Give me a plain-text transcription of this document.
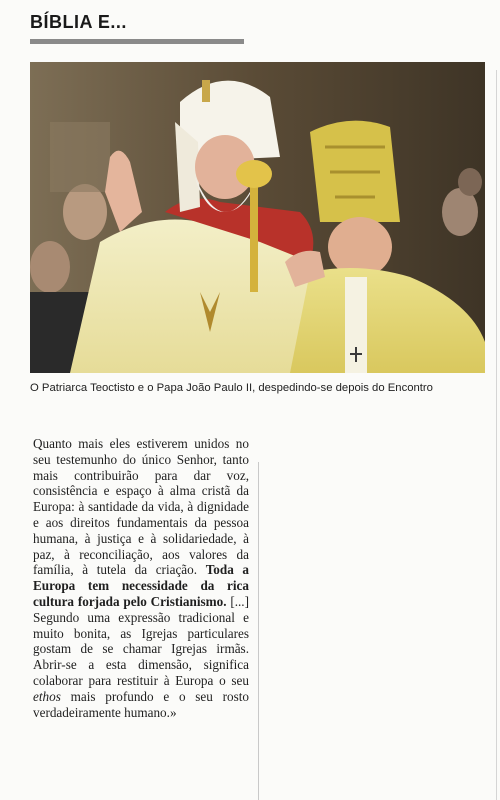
BÍBLIA E...
O Patriarca Teoctisto e o Papa João Paulo II, despedindo-se depois do Encontro

Quanto mais eles estiverem unidos no seu testemunho do único Senhor, tanto mais contribuirão para dar voz, consistência e espaço à alma cristã da Europa: à santidade da vida, à dignidade e aos direitos fundamentais da pessoa humana, à justiça e à solidariedade, à paz, à reconciliação, aos valores da família, à tutela da criação. Toda a Europa tem necessidade da rica cultura forjada pelo Cristianismo. [...] Segundo uma expressão tradicional e muito bonita, as Igrejas particulares gostam de se chamar Igrejas irmãs. Abrir-se a esta dimensão, significa colaborar para restituir à Europa o seu ethos mais profundo e o seu rosto verdadeiramente humano.»
